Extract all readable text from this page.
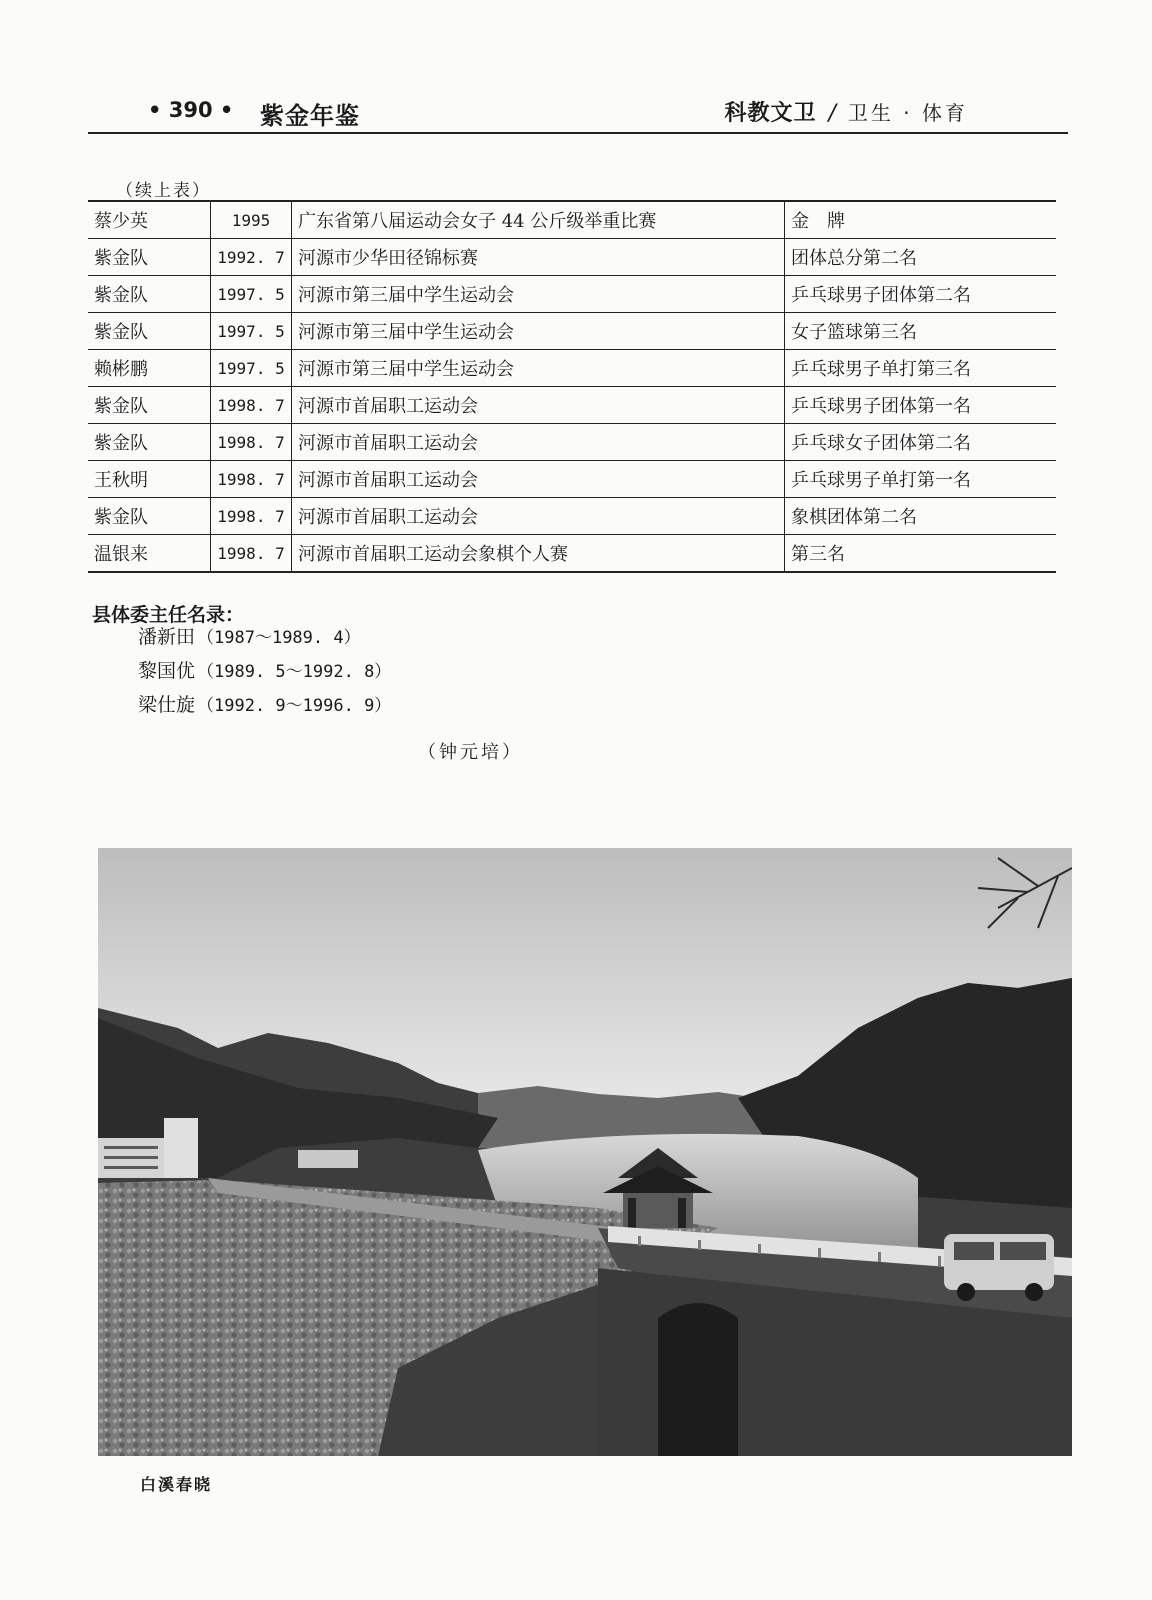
• 390 • 紫金年鉴	科教文卫 / 卫生 · 体育
（续上表）
蔡少英	1995	广东省第八届运动会女子 44 公斤级举重比赛	金　牌
紫金队	1992. 7	河源市少华田径锦标赛	团体总分第二名
紫金队	1997. 5	河源市第三届中学生运动会	乒乓球男子团体第二名
紫金队	1997. 5	河源市第三届中学生运动会	女子篮球第三名
赖彬鹏	1997. 5	河源市第三届中学生运动会	乒乓球男子单打第三名
紫金队	1998. 7	河源市首届职工运动会	乒乓球男子团体第一名
紫金队	1998. 7	河源市首届职工运动会	乒乓球女子团体第二名
王秋明	1998. 7	河源市首届职工运动会	乒乓球男子单打第一名
紫金队	1998. 7	河源市首届职工运动会	象棋团体第二名
温银来	1998. 7	河源市首届职工运动会象棋个人赛	第三名
县体委主任名录：
潘新田 （1987～1989. 4）
黎国优 （1989. 5～1992. 8）
梁仕旋 （1992. 9～1996. 9）
（钟元培）
白溪春晓
